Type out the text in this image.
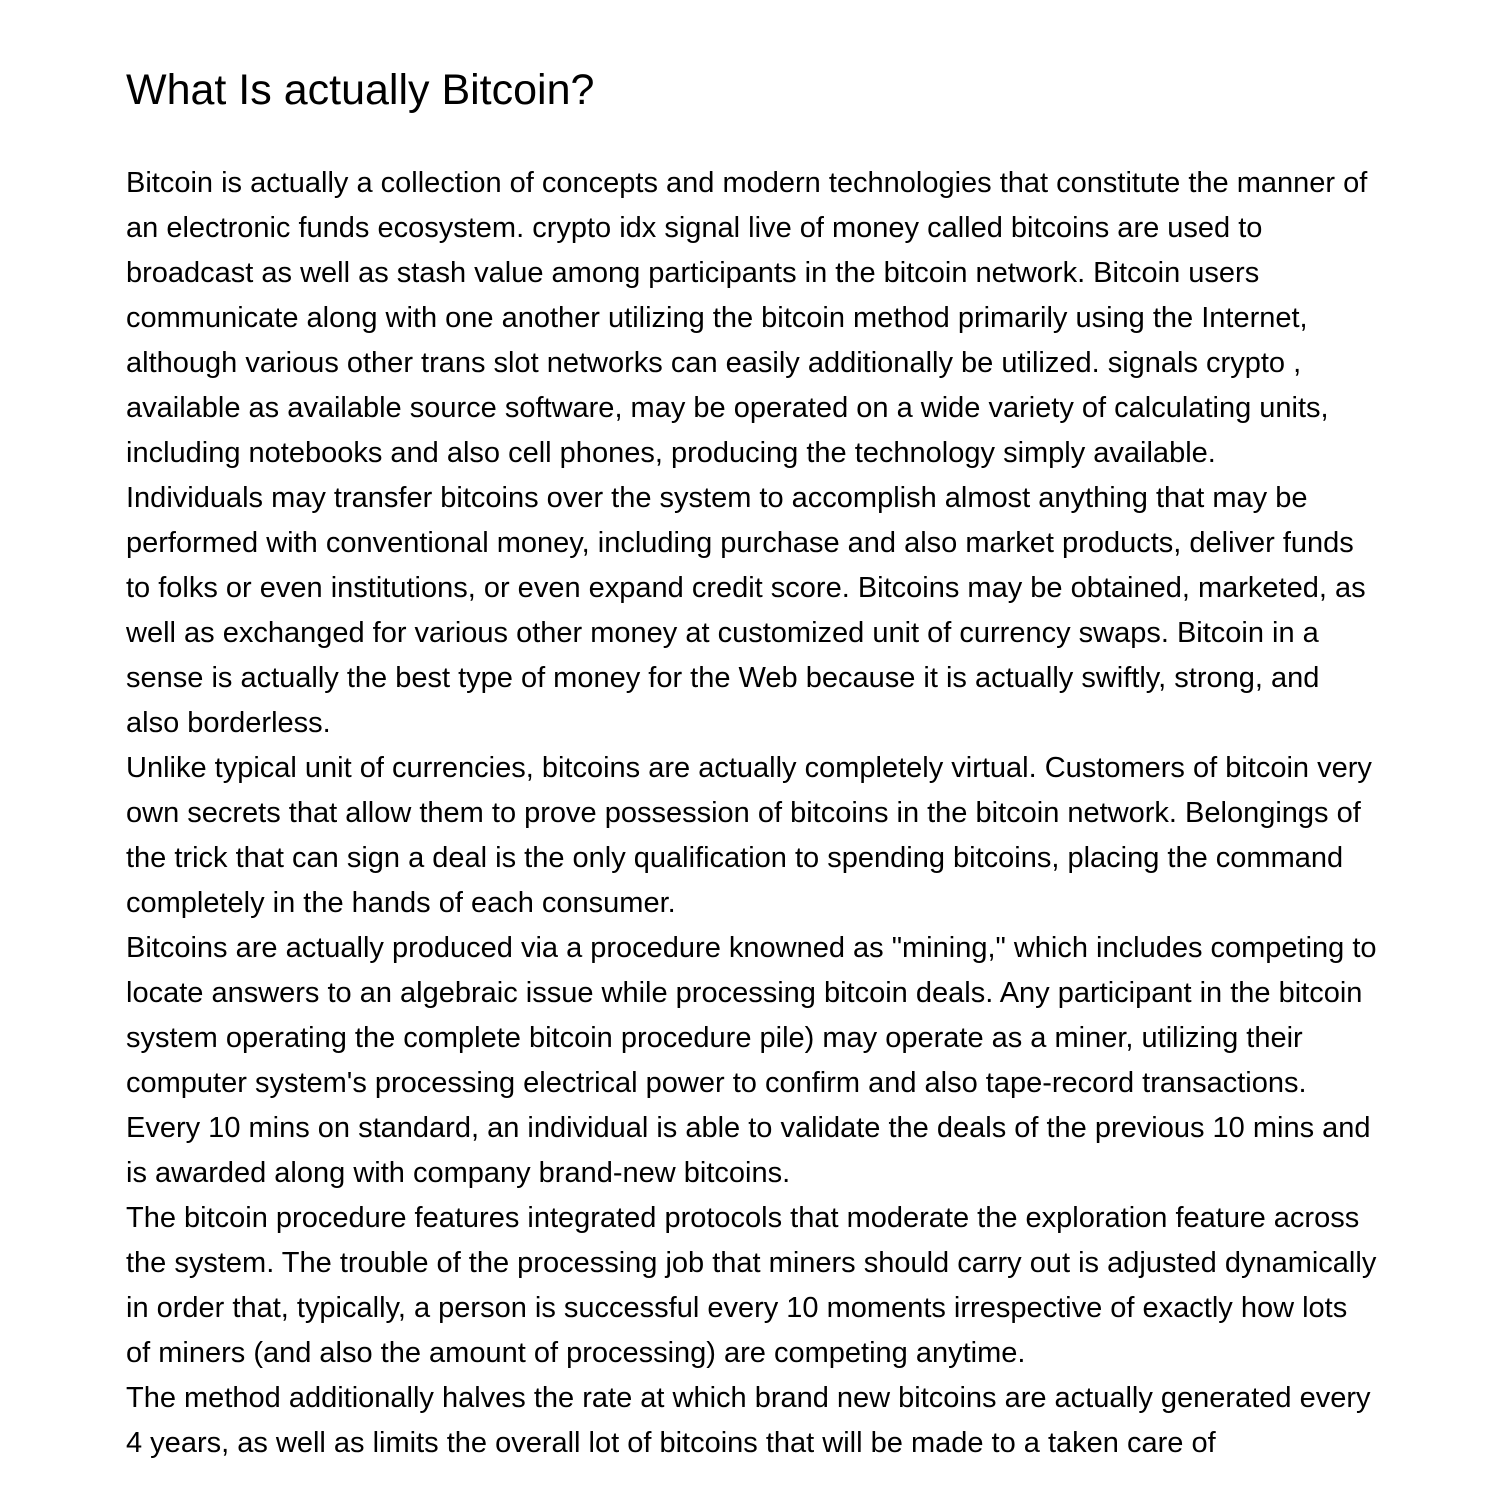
What Is actually Bitcoin?

Bitcoin is actually a collection of concepts and modern technologies that constitute the manner of an electronic funds ecosystem. crypto idx signal live of money called bitcoins are used to broadcast as well as stash value among participants in the bitcoin network. Bitcoin users communicate along with one another utilizing the bitcoin method primarily using the Internet, although various other trans slot networks can easily additionally be utilized. signals crypto , available as available source software, may be operated on a wide variety of calculating units, including notebooks and also cell phones, producing the technology simply available.

Individuals may transfer bitcoins over the system to accomplish almost anything that may be performed with conventional money, including purchase and also market products, deliver funds to folks or even institutions, or even expand credit score. Bitcoins may be obtained, marketed, as well as exchanged for various other money at customized unit of currency swaps. Bitcoin in a sense is actually the best type of money for the Web because it is actually swiftly, strong, and also borderless.

Unlike typical unit of currencies, bitcoins are actually completely virtual. Customers of bitcoin very own secrets that allow them to prove possession of bitcoins in the bitcoin network. Belongings of the trick that can sign a deal is the only qualification to spending bitcoins, placing the command completely in the hands of each consumer.

Bitcoins are actually produced via a procedure knowned as "mining," which includes competing to locate answers to an algebraic issue while processing bitcoin deals. Any participant in the bitcoin system operating the complete bitcoin procedure pile) may operate as a miner, utilizing their computer system's processing electrical power to confirm and also tape-record transactions. Every 10 mins on standard, an individual is able to validate the deals of the previous 10 mins and is awarded along with company brand-new bitcoins.

The bitcoin procedure features integrated protocols that moderate the exploration feature across the system. The trouble of the processing job that miners should carry out is adjusted dynamically in order that, typically, a person is successful every 10 moments irrespective of exactly how lots of miners (and also the amount of processing) are competing anytime.

The method additionally halves the rate at which brand new bitcoins are actually generated every 4 years, as well as limits the overall lot of bitcoins that will be made to a taken care of
